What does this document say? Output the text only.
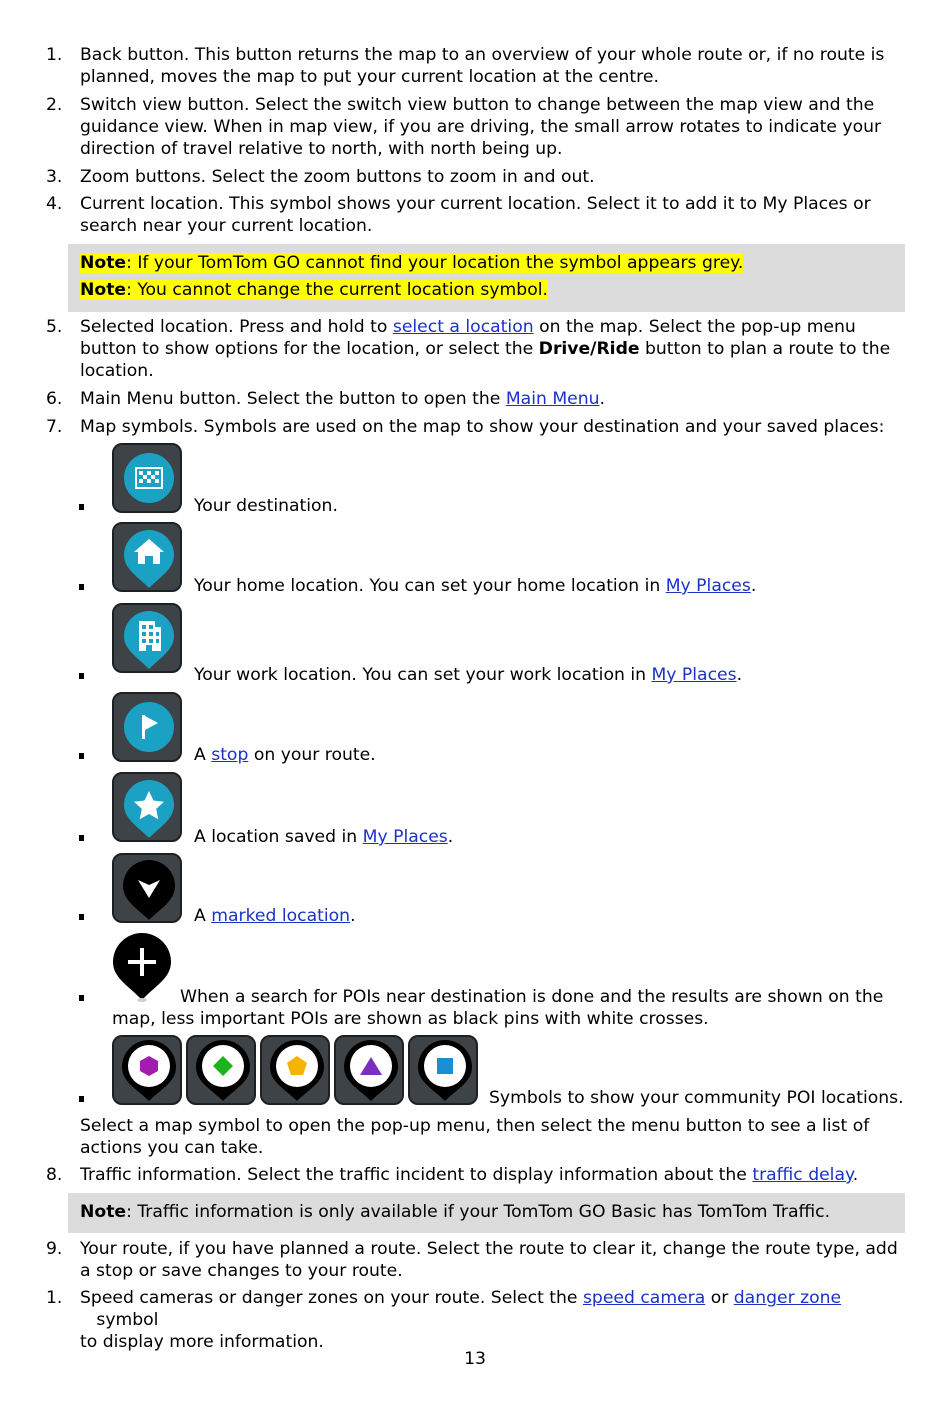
1. Back button. This button returns the map to an overview of your whole route or, if no route is
planned, moves the map to put your current location at the centre.
2. Switch view button. Select the switch view button to change between the map view and the
guidance view. When in map view, if you are driving, the small arrow rotates to indicate your
direction of travel relative to north, with north being up.
3. Zoom buttons. Select the zoom buttons to zoom in and out.
4. Current location. This symbol shows your current location. Select it to add it to My Places or
search near your current location.
Note: If your TomTom GO cannot find your location the symbol appears grey.
Note: You cannot change the current location symbol.
5. Selected location. Press and hold to select a location on the map. Select the pop-up menu
button to show options for the location, or select the Drive/Ride button to plan a route to the
location.
6. Main Menu button. Select the button to open the Main Menu.
7. Map symbols. Symbols are used on the map to show your destination and your saved places:
Your destination.
Your home location. You can set your home location in My Places.
Your work location. You can set your work location in My Places.
A stop on your route.
A location saved in My Places.
A marked location.
When a search for POIs near destination is done and the results are shown on the
map, less important POIs are shown as black pins with white crosses.
Symbols to show your community POI locations.
Select a map symbol to open the pop-up menu, then select the menu button to see a list of
actions you can take.
8. Traffic information. Select the traffic incident to display information about the traffic delay.
Note: Traffic information is only available if your TomTom GO Basic has TomTom Traffic.
9. Your route, if you have planned a route. Select the route to clear it, change the route type, add
a stop or save changes to your route.
1. Speed cameras or danger zones on your route. Select the speed camera or danger zone   symbol
to display more information.
13
